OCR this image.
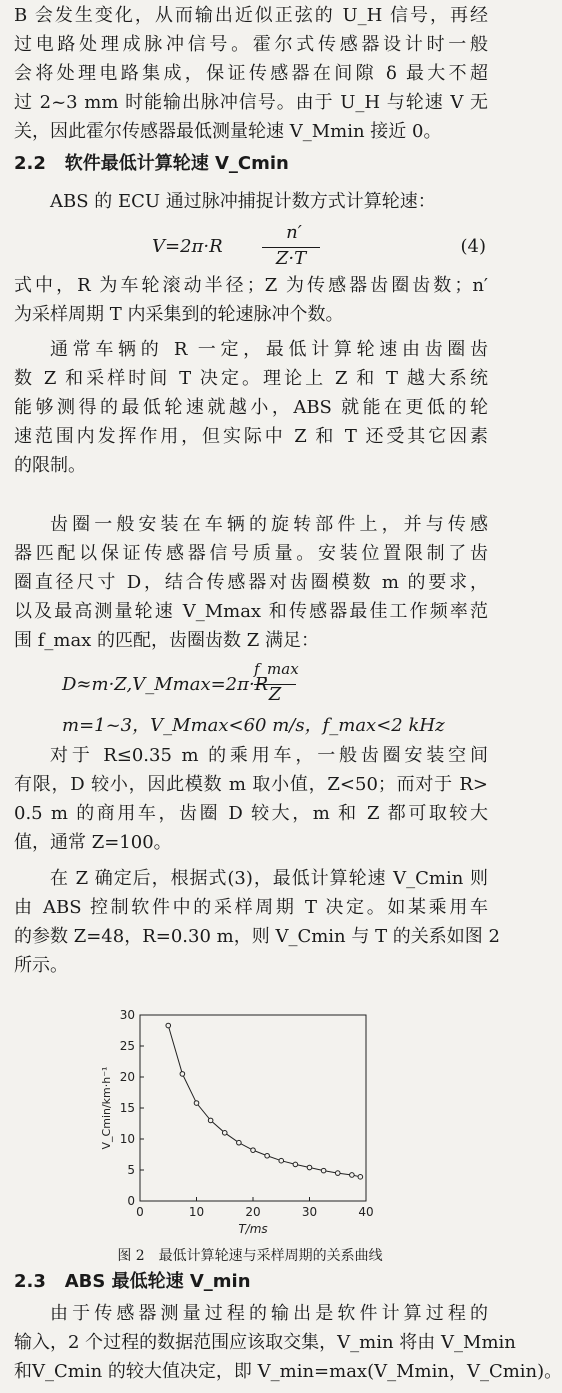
B 会发生变化，从而输出近似正弦的 U_H 信号，再经
过电路处理成脉冲信号。霍尔式传感器设计时一般
会将处理电路集成，保证传感器在间隙 δ 最大不超
过 2~3 mm 时能输出脉冲信号。由于 U_H 与轮速 V 无
关，因此霍尔传感器最低测量轮速 V_Mmin 接近 0。
2.2 软件最低计算轮速 V_Cmin
ABS 的 ECU 通过脉冲捕捉计数方式计算轮速：
V=2π·R
n′
Z·T
(4)
式中，R 为车轮滚动半径；Z 为传感器齿圈齿数；n′
为采样周期 T 内采集到的轮速脉冲个数。
通常车辆的 R 一定，最低计算轮速由齿圈齿
数 Z 和采样时间 T 决定。理论上 Z 和 T 越大系统
能够测得的最低轮速就越小，ABS 就能在更低的轮
速范围内发挥作用，但实际中 Z 和 T 还受其它因素
的限制。
齿圈一般安装在车辆的旋转部件上，并与传感
器匹配以保证传感器信号质量。安装位置限制了齿
圈直径尺寸 D，结合传感器对齿圈模数 m 的要求，
以及最高测量轮速 V_Mmax 和传感器最佳工作频率范
围 f_max 的匹配，齿圈齿数 Z 满足：
D≈m·Z,V_Mmax=2π·R
f_max
Z
m=1~3，V_Mmax<60 m/s，f_max<2 kHz
对于 R≤0.35 m 的乘用车，一般齿圈安装空间
有限，D 较小，因此模数 m 取小值，Z<50；而对于 R>
0.5 m 的商用车，齿圈 D 较大，m 和 Z 都可取较大
值，通常 Z=100。
在 Z 确定后，根据式(3)，最低计算轮速 V_Cmin 则
由 ABS 控制软件中的采样周期 T 决定。如某乘用车
的参数 Z=48，R=0.30 m，则 V_Cmin 与 T 的关系如图 2
所示。
0	10	20	30	40
0
5
10
15
20
25
30
T/ms
V_Cmin/km·h⁻¹
图 2　最低计算轮速与采样周期的关系曲线
2.3 ABS 最低轮速 V_min
由于传感器测量过程的输出是软件计算过程的
输入，2 个过程的数据范围应该取交集，V_min 将由 V_Mmin
和V_Cmin 的较大值决定，即 V_min=max(V_Mmin，V_Cmin)。
